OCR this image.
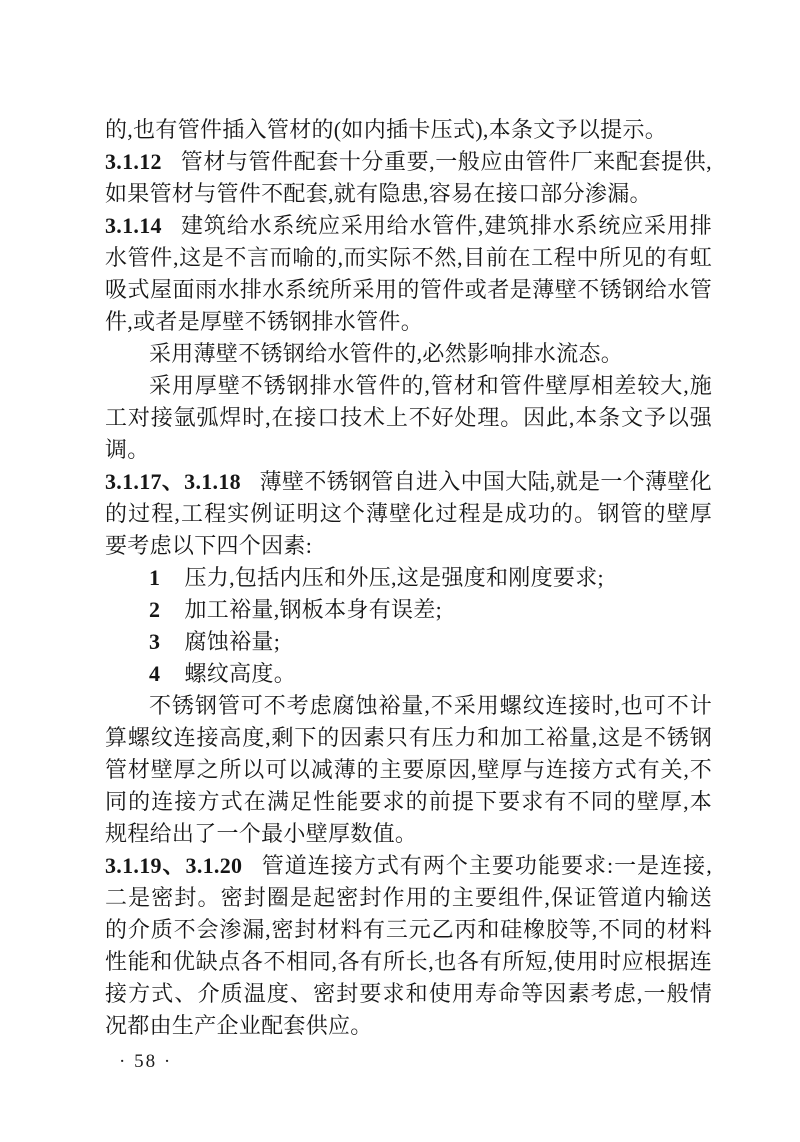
的,也有管件插入管材的(如内插卡压式),本条文予以提示。

3.1.12 管材与管件配套十分重要,一般应由管件厂来配套提供,如果管材与管件不配套,就有隐患,容易在接口部分渗漏。

3.1.14 建筑给水系统应采用给水管件,建筑排水系统应采用排水管件,这是不言而喻的,而实际不然,目前在工程中所见的有虹吸式屋面雨水排水系统所采用的管件或者是薄壁不锈钢给水管件,或者是厚壁不锈钢排水管件。

采用薄壁不锈钢给水管件的,必然影响排水流态。

采用厚壁不锈钢排水管件的,管材和管件壁厚相差较大,施工对接氩弧焊时,在接口技术上不好处理。因此,本条文予以强调。

3.1.17、3.1.18 薄壁不锈钢管自进入中国大陆,就是一个薄壁化的过程,工程实例证明这个薄壁化过程是成功的。钢管的壁厚要考虑以下四个因素:

1 压力,包括内压和外压,这是强度和刚度要求;

2 加工裕量,钢板本身有误差;

3 腐蚀裕量;

4 螺纹高度。

不锈钢管可不考虑腐蚀裕量,不采用螺纹连接时,也可不计算螺纹连接高度,剩下的因素只有压力和加工裕量,这是不锈钢管材壁厚之所以可以减薄的主要原因,壁厚与连接方式有关,不同的连接方式在满足性能要求的前提下要求有不同的壁厚,本规程给出了一个最小壁厚数值。

3.1.19、3.1.20 管道连接方式有两个主要功能要求:一是连接,二是密封。密封圈是起密封作用的主要组件,保证管道内输送的介质不会渗漏,密封材料有三元乙丙和硅橡胶等,不同的材料性能和优缺点各不相同,各有所长,也各有所短,使用时应根据连接方式、介质温度、密封要求和使用寿命等因素考虑,一般情况都由生产企业配套供应。

· 58 ·
